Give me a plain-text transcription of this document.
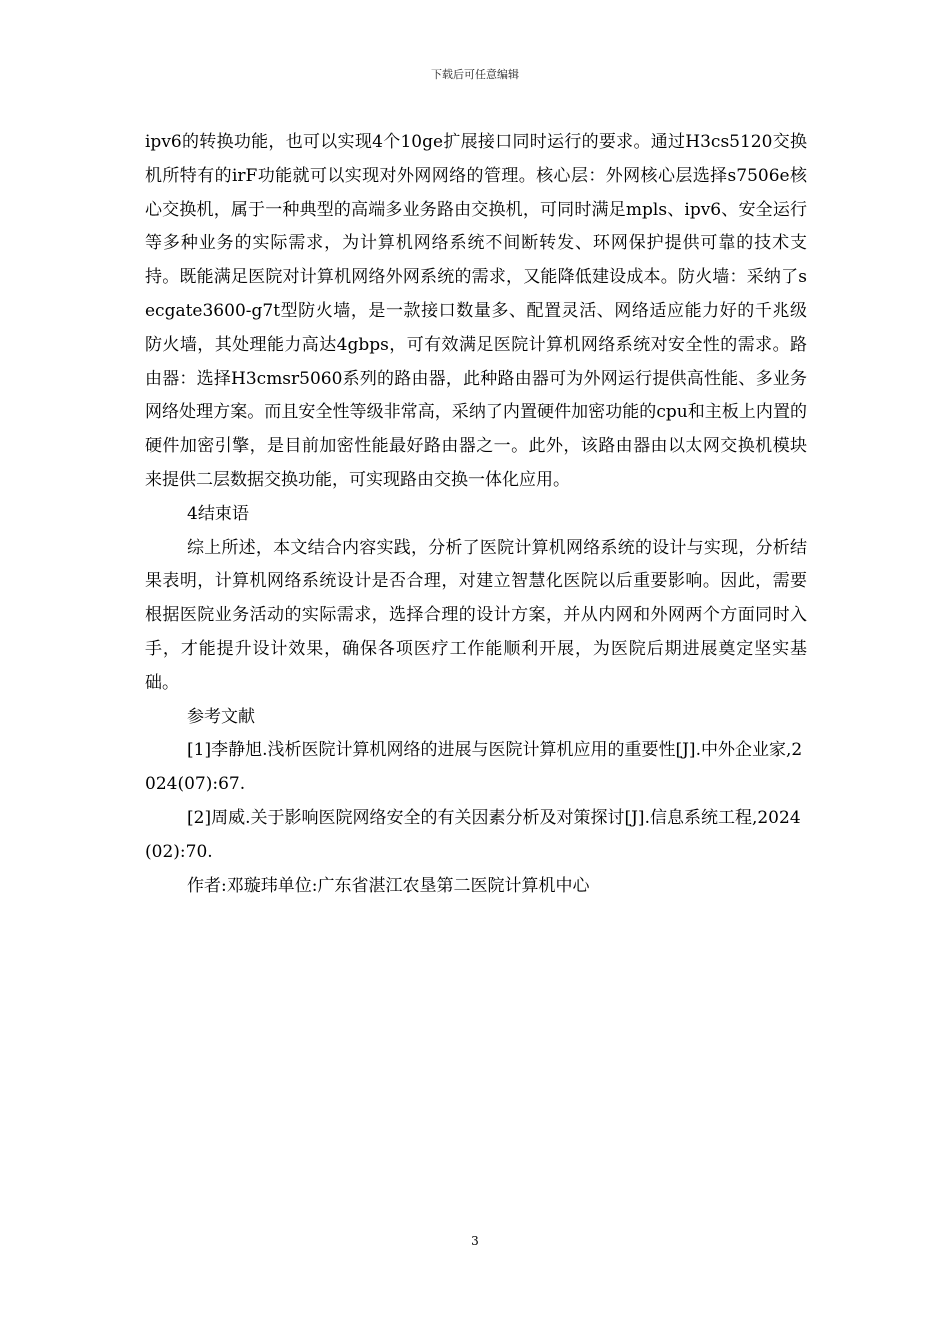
下载后可任意编辑

ipv6的转换功能，也可以实现4个10ge扩展接口同时运行的要求。通过H3cs5120交换机所特有的irF功能就可以实现对外网网络的管理。核心层：外网核心层选择s7506e核心交换机，属于一种典型的高端多业务路由交换机，可同时满足mpls、ipv6、安全运行等多种业务的实际需求，为计算机网络系统不间断转发、环网保护提供可靠的技术支持。既能满足医院对计算机网络外网系统的需求，又能降低建设成本。防火墙：采纳了secgate3600-g7t型防火墙，是一款接口数量多、配置灵活、网络适应能力好的千兆级防火墙，其处理能力高达4gbps，可有效满足医院计算机网络系统对安全性的需求。路由器：选择H3cmsr5060系列的路由器，此种路由器可为外网运行提供高性能、多业务网络处理方案。而且安全性等级非常高，采纳了内置硬件加密功能的cpu和主板上内置的硬件加密引擎，是目前加密性能最好路由器之一。此外，该路由器由以太网交换机模块来提供二层数据交换功能，可实现路由交换一体化应用。

4结束语

综上所述，本文结合内容实践，分析了医院计算机网络系统的设计与实现，分析结果表明，计算机网络系统设计是否合理，对建立智慧化医院以后重要影响。因此，需要根据医院业务活动的实际需求，选择合理的设计方案，并从内网和外网两个方面同时入手，才能提升设计效果，确保各项医疗工作能顺利开展，为医院后期进展奠定坚实基础。

参考文献

[1]李静旭.浅析医院计算机网络的进展与医院计算机应用的重要性[J].中外企业家,2024(07):67.

[2]周威.关于影响医院网络安全的有关因素分析及对策探讨[J].信息系统工程,2024(02):70.

作者:邓璇玮单位:广东省湛江农垦第二医院计算机中心

3
